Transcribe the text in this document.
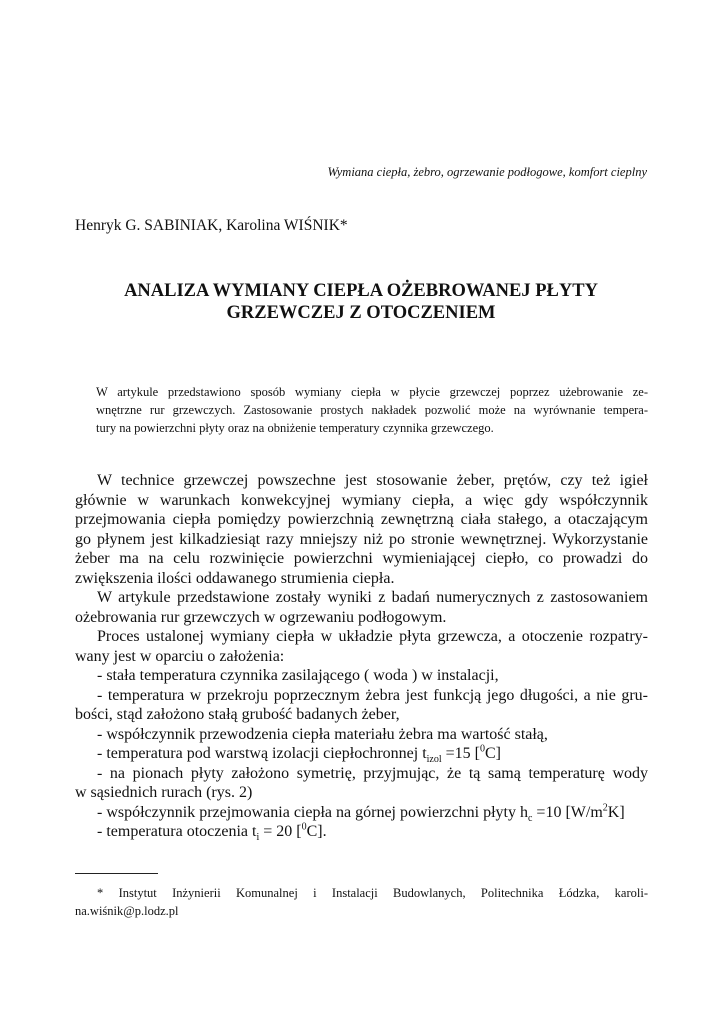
Wymiana ciepła, żebro, ogrzewanie podłogowe, komfort cieplny
Henryk G. SABINIAK, Karolina WIŚNIK*
ANALIZA WYMIANY CIEPŁA OŻEBROWANEJ PŁYTY
GRZEWCZEJ Z OTOCZENIEM
W artykule przedstawiono sposób wymiany ciepła w płycie grzewczej poprzez użebrowanie ze-
wnętrzne rur grzewczych. Zastosowanie prostych nakładek pozwolić może na wyrównanie tempera-
tury na powierzchni płyty oraz na obniżenie temperatury czynnika grzewczego.
W technice grzewczej powszechne jest stosowanie żeber, prętów, czy też igieł
głównie w warunkach konwekcyjnej wymiany ciepła, a więc gdy współczynnik
przejmowania ciepła pomiędzy powierzchnią zewnętrzną ciała stałego, a otaczającym
go płynem jest kilkadziesiąt razy mniejszy niż po stronie wewnętrznej. Wykorzystanie
żeber ma na celu rozwinięcie powierzchni wymieniającej ciepło, co prowadzi do
zwiększenia ilości oddawanego strumienia ciepła.
W artykule przedstawione zostały wyniki z badań numerycznych z zastosowaniem
ożebrowania rur grzewczych w ogrzewaniu podłogowym.
Proces ustalonej wymiany ciepła w układzie płyta grzewcza, a otoczenie rozpatry-
wany jest w oparciu o założenia:
- stała temperatura czynnika zasilającego ( woda ) w instalacji,
- temperatura w przekroju poprzecznym żebra jest funkcją jego długości, a nie gru-
bości, stąd założono stałą grubość badanych żeber,
- współczynnik przewodzenia ciepła materiału żebra ma wartość stałą,
- temperatura pod warstwą izolacji ciepłochronnej $t_{izol} =15$ [$^0$C]
- na pionach płyty założono symetrię, przyjmując, że tą samą temperaturę wody
w sąsiednich rurach (rys. 2)
- współczynnik przejmowania ciepła na górnej powierzchni płyty $h_c =10$ $[W/m^2K]$
- temperatura otoczenia $t_i = 20$ [$^0$C].
* Instytut Inżynierii Komunalnej i Instalacji Budowlanych, Politechnika Łódzka, karoli-
na.wiśnik@p.lodz.pl
